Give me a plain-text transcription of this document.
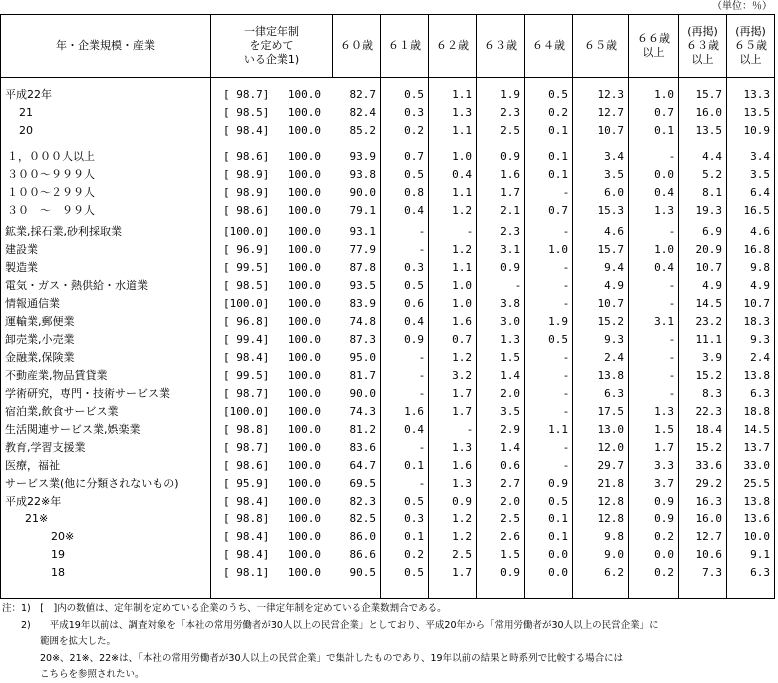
（単位：％）
年・企業規模・産業
一律定年制
を定めて
いる企業1)
６０歳 ６１歳 ６２歳 ６３歳 ６４歳 ６５歳
６６歳
以上
(再掲)
６３歳
以上
(再掲)
６５歳
以上
平成22年	[ 98.7] 100.0	82.7	0.5	1.1	1.9	0.5	12.3	1.0 15.7 13.3
21	[ 98.5] 100.0	82.4	0.3	1.3	2.3	0.2	12.7	0.7 16.0 13.5
20	[ 98.4] 100.0	85.2	0.2	1.1	2.5	0.1	10.7	0.1 13.5 10.9
１，０００人以上	[ 98.6] 100.0	93.9	0.7	1.0	0.9	0.1	3.4	-	4.4	3.4
３００～９９９人	[ 98.9] 100.0	93.8	0.5	0.4	1.6	0.1	3.5	0.0	5.2	3.5
１００～２９９人	[ 98.9] 100.0	90.0	0.8	1.1	1.7	-	6.0	0.4	8.1	6.4
３０　～　９９人	[ 98.6] 100.0	79.1	0.4	1.2	2.1	0.7	15.3	1.3 19.3 16.5
鉱業,採石業,砂利採取業	[100.0] 100.0	93.1	-	-	2.3	-	4.6	-	6.9	4.6
建設業	[ 96.9] 100.0	77.9	-	1.2	3.1	1.0	15.7	1.0 20.9 16.8
製造業	[ 99.5] 100.0	87.8	0.3	1.1	0.9	-	9.4	0.4 10.7	9.8
電気・ガス・熱供給・水道業	[ 98.5] 100.0	93.5	0.5	1.0	-	-	4.9	-	4.9	4.9
情報通信業	[100.0] 100.0	83.9	0.6	1.0	3.8	-	10.7	- 14.5 10.7
運輸業,郵便業	[ 96.8] 100.0	74.8	0.4	1.6	3.0	1.9	15.2	3.1 23.2 18.3
卸売業,小売業	[ 99.4] 100.0	87.3	0.9	0.7	1.3	0.5	9.3	- 11.1	9.3
金融業,保険業	[ 98.4] 100.0	95.0	-	1.2	1.5	-	2.4	-	3.9	2.4
不動産業,物品賃貸業	[ 99.5] 100.0	81.7	-	3.2	1.4	-	13.8	- 15.2 13.8
学術研究，専門・技術サービス業	[ 98.7] 100.0	90.0	-	1.7	2.0	-	6.3	-	8.3	6.3
宿泊業,飲食サービス業	[100.0] 100.0	74.3	1.6	1.7	3.5	-	17.5	1.3 22.3 18.8
生活関連サービス業,娯楽業	[ 98.8] 100.0	81.2	0.4	-	2.9	1.1	13.0	1.5 18.4 14.5
教育,学習支援業	[ 98.7] 100.0	83.6	-	1.3	1.4	-	12.0	1.7 15.2 13.7
医療，福祉	[ 98.6] 100.0	64.7	0.1	1.6	0.6	-	29.7	3.3 33.6 33.0
サービス業(他に分類されないもの)	[ 95.9] 100.0	69.5	-	1.3	2.7	0.9	21.8	3.7 29.2 25.5
平成22※年	[ 98.4] 100.0	82.3	0.5	0.9	2.0	0.5	12.8	0.9 16.3 13.8
21※	[ 98.8] 100.0	82.5	0.3	1.2	2.5	0.1	12.8	0.9 16.0 13.6
20※	[ 98.4] 100.0	86.0	0.1	1.2	2.6	0.1	9.8	0.2 12.7 10.0
19	[ 98.4] 100.0	86.6	0.2	2.5	1.5	0.0	9.0	0.0 10.6	9.1
18	[ 98.1] 100.0	90.5	0.5	1.7	0.9	0.0	6.2	0.2	7.3	6.3
注：1)　[　]内の数値は、定年制を定めている企業のうち、一律定年制を定めている企業数割合である。
　　2)　　平成19年以前は、調査対象を「本社の常用労働者が30人以上の民営企業」としており、平成20年から「常用労働者が30人以上の民営企業」に
　　　　範囲を拡大した。
　　　　20※、21※、22※は、「本社の常用労働者が30人以上の民営企業」で集計したものであり、19年以前の結果と時系列で比較する場合には
　　　　こちらを参照されたい。
